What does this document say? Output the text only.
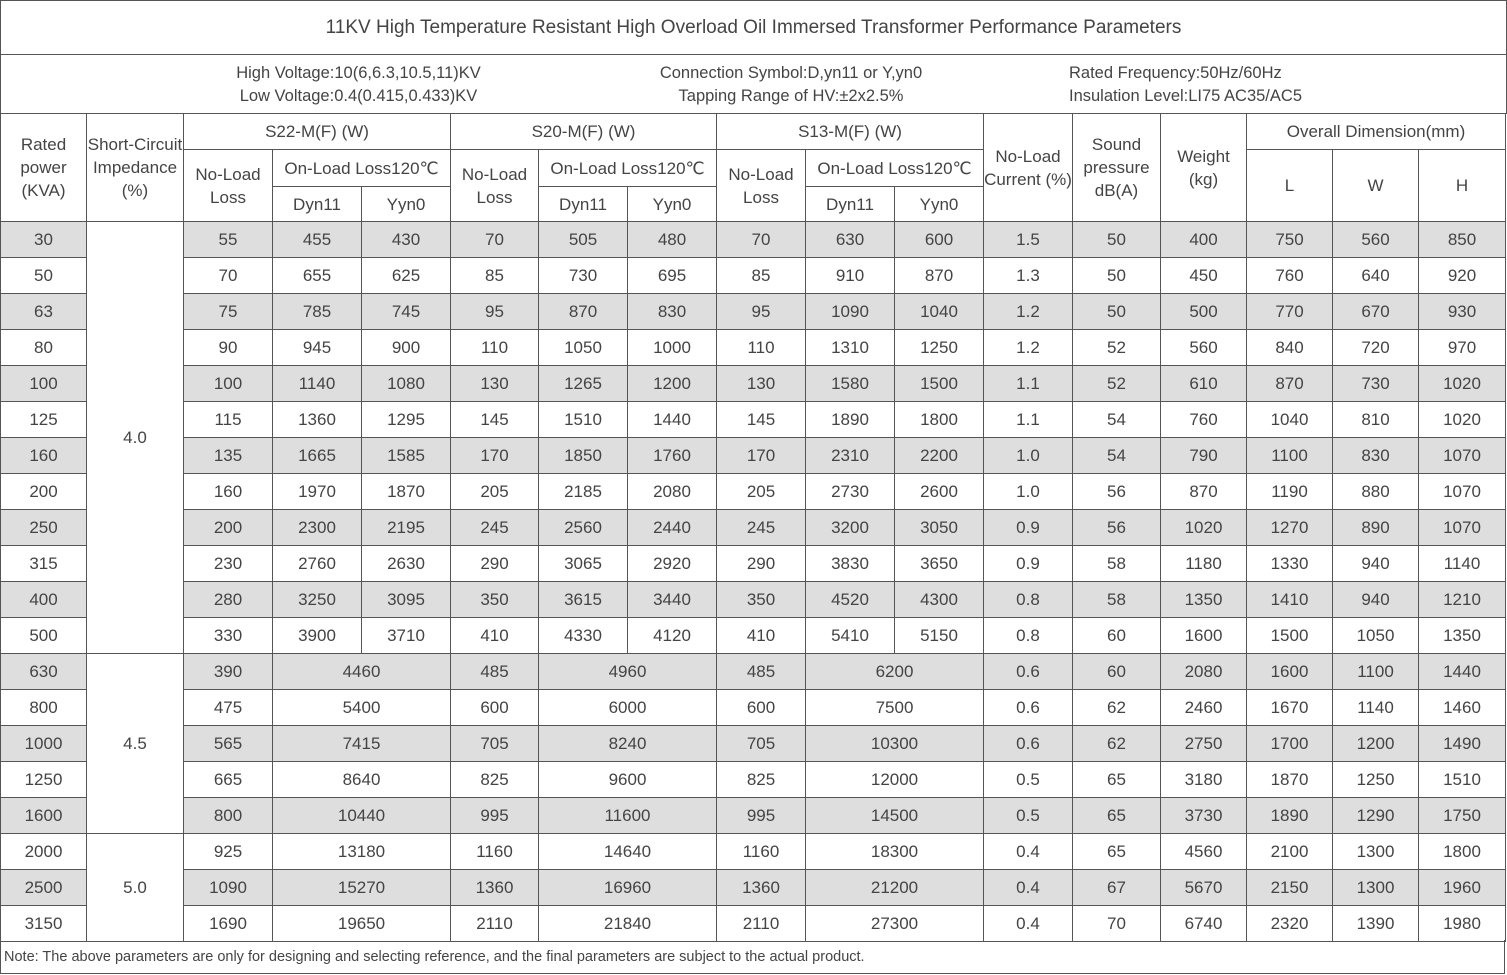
11KV High Temperature Resistant High Overload Oil Immersed Transformer Performance Parameters
High Voltage:10(6,6.3,10.5,11)KV
Low Voltage:0.4(0.415,0.433)KV
Connection Symbol:D,yn11 or Y,yn0
Tapping Range of HV:±2x2.5%
Rated Frequency:50Hz/60Hz
Insulation Level:LI75 AC35/AC5
Rated power (KVA)	Short-Circuit Impedance (%)	S22-M(F) (W)			S20-M(F) (W)			S13-M(F) (W)			No-Load Current (%)	Sound pressure dB(A)	Weight (kg)	Overall Dimension(mm)		
		No-Load Loss	On-Load Loss120℃		No-Load Loss	On-Load Loss120℃		No-Load Loss	On-Load Loss120℃					L	W	H
			Dyn11	Yyn0		Dyn11	Yyn0		Dyn11	Yyn0						
30	4.0	55	455	430	70	505	480	70	630	600	1.5	50	400	750	560	850
50		70	655	625	85	730	695	85	910	870	1.3	50	450	760	640	920
63		75	785	745	95	870	830	95	1090	1040	1.2	50	500	770	670	930
80		90	945	900	110	1050	1000	110	1310	1250	1.2	52	560	840	720	970
100		100	1140	1080	130	1265	1200	130	1580	1500	1.1	52	610	870	730	1020
125		115	1360	1295	145	1510	1440	145	1890	1800	1.1	54	760	1040	810	1020
160		135	1665	1585	170	1850	1760	170	2310	2200	1.0	54	790	1100	830	1070
200		160	1970	1870	205	2185	2080	205	2730	2600	1.0	56	870	1190	880	1070
250		200	2300	2195	245	2560	2440	245	3200	3050	0.9	56	1020	1270	890	1070
315		230	2760	2630	290	3065	2920	290	3830	3650	0.9	58	1180	1330	940	1140
400		280	3250	3095	350	3615	3440	350	4520	4300	0.8	58	1350	1410	940	1210
500		330	3900	3710	410	4330	4120	410	5410	5150	0.8	60	1600	1500	1050	1350
630	4.5	390	4460		485	4960		485	6200		0.6	60	2080	1600	1100	1440
800		475	5400		600	6000		600	7500		0.6	62	2460	1670	1140	1460
1000		565	7415		705	8240		705	10300		0.6	62	2750	1700	1200	1490
1250		665	8640		825	9600		825	12000		0.5	65	3180	1870	1250	1510
1600		800	10440		995	11600		995	14500		0.5	65	3730	1890	1290	1750
2000	5.0	925	13180		1160	14640		1160	18300		0.4	65	4560	2100	1300	1800
2500		1090	15270		1360	16960		1360	21200		0.4	67	5670	2150	1300	1960
3150		1690	19650		2110	21840		2110	27300		0.4	70	6740	2320	1390	1980
Note: The above parameters are only for designing and selecting reference, and the final parameters are subject to the actual product.
